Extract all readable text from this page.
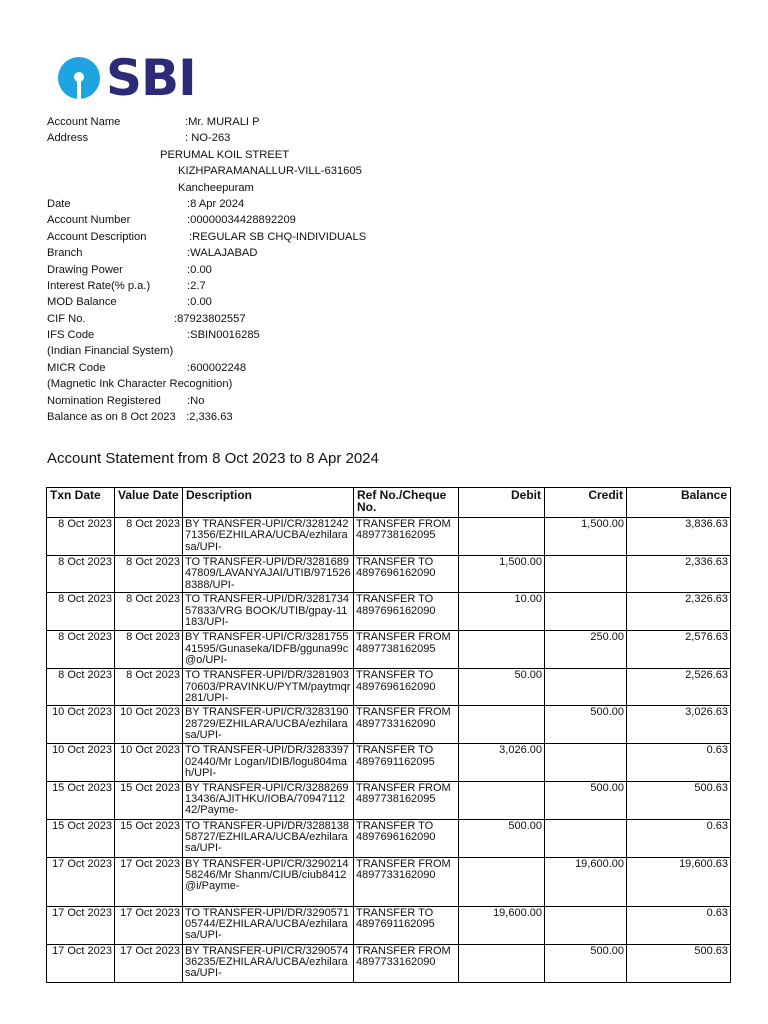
SBI
Account Name	:Mr. MURALI P
Address	: NO-263
PERUMAL KOIL STREET
KIZHPARAMANALLUR-VILL-631605
Kancheepuram
Date	:8 Apr 2024
Account Number	:00000034428892209
Account Description	:REGULAR SB CHQ-INDIVIDUALS
Branch	:WALAJABAD
Drawing Power	:0.00
Interest Rate(% p.a.)	:2.7
MOD Balance	:0.00
CIF No.	:87923802557
IFS Code	:SBIN0016285
(Indian Financial System)
MICR Code	:600002248
(Magnetic Ink Character Recognition)
Nomination Registered :No
Balance as on 8 Oct 2023 :2,336.63
Account Statement from 8 Oct 2023 to 8 Apr 2024
Txn Date	Value Date	Description	Ref No./Cheque No.	Debit	Credit	Balance
8 Oct 2023	8 Oct 2023	BY TRANSFER-UPI/CR/328124271356/EZHILARA/UCBA/ezhilarasa/UPI-	TRANSFER FROM 4897738162095		1,500.00	3,836.63
8 Oct 2023	8 Oct 2023	TO TRANSFER-UPI/DR/328168947809/LAVANYAJAI/UTIB/9715268388/UPI-	TRANSFER TO 4897696162090	1,500.00		2,336.63
8 Oct 2023	8 Oct 2023	TO TRANSFER-UPI/DR/328173457833/VRG BOOK/UTIB/gpay-11183/UPI-	TRANSFER TO 4897696162090	10.00		2,326.63
8 Oct 2023	8 Oct 2023	BY TRANSFER-UPI/CR/328175541595/Gunaseka/IDFB/gguna99c@o/UPI-	TRANSFER FROM 4897738162095		250.00	2,576.63
8 Oct 2023	8 Oct 2023	TO TRANSFER-UPI/DR/328190370603/PRAVINKU/PYTM/paytmqr281/UPI-	TRANSFER TO 4897696162090	50.00		2,526.63
10 Oct 2023	10 Oct 2023	BY TRANSFER-UPI/CR/328319028729/EZHILARA/UCBA/ezhilarasa/UPI-	TRANSFER FROM 4897733162090		500.00	3,026.63
10 Oct 2023	10 Oct 2023	TO TRANSFER-UPI/DR/328339702440/Mr Logan/IDIB/logu804mah/UPI-	TRANSFER TO 4897691162095	3,026.00		0.63
15 Oct 2023	15 Oct 2023	BY TRANSFER-UPI/CR/328826913436/AJITHKU/IOBA/7094711242/Payme-	TRANSFER FROM 4897738162095		500.00	500.63
15 Oct 2023	15 Oct 2023	TO TRANSFER-UPI/DR/328813858727/EZHILARA/UCBA/ezhilarasa/UPI-	TRANSFER TO 4897696162090	500.00		0.63
17 Oct 2023	17 Oct 2023	BY TRANSFER-UPI/CR/329021458246/Mr Shanm/CIUB/ciub8412@i/Payme-	TRANSFER FROM 4897733162090		19,600.00	19,600.63
17 Oct 2023	17 Oct 2023	TO TRANSFER-UPI/DR/329057105744/EZHILARA/UCBA/ezhilarasa/UPI-	TRANSFER TO 4897691162095	19,600.00		0.63
17 Oct 2023	17 Oct 2023	BY TRANSFER-UPI/CR/329057436235/EZHILARA/UCBA/ezhilarasa/UPI-	TRANSFER FROM 4897733162090		500.00	500.63
